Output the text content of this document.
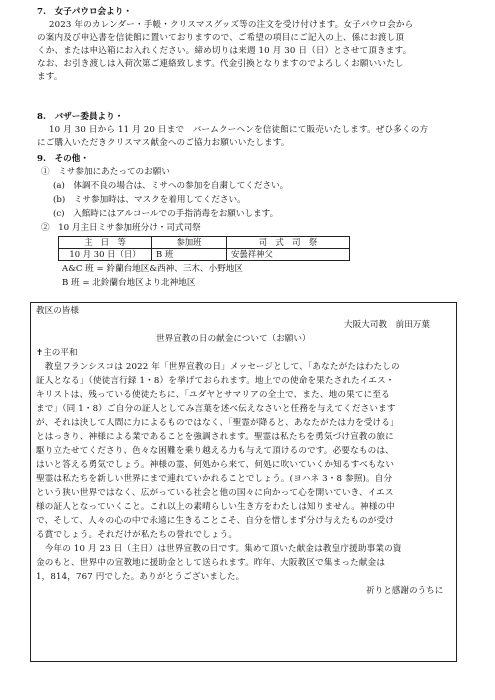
7.　女子パウロ会より・
2023 年のカレンダー・手帳・クリスマスグッズ等の注文を受け付けます。女子パウロ会から
の案内及び申込書を信徒館に置いておりますので、ご希望の項目にご記入の上、係にお渡し頂
くか、または申込箱にお入れください。締め切りは来週 10 月 30 日（日）とさせて頂きます。
なお、お引き渡しは入荷次第ご連絡致します。代金引換となりますのでよろしくお願いいたし
ます。
8.　バザー委員より・
10 月 30 日から 11 月 20 日まで　バームクーヘンを信徒館にて販売いたします。ぜひ多くの方
にご購入いただきクリスマス献金へのご協力お願いいたします。
9.　その他・
①　ミサ参加にあたってのお願い
(a)　体調不良の場合は、ミサへの参加を自粛してください。
(b)　ミサ参加時は、マスクを着用してください。
(c)　入館時にはアルコールでの手指消毒をお願いします。
②　10 月主日ミサ参加班分け・司式司祭
主　日　等	参加班	司　式　司　祭
10 月 30 日（日）	B 班	安曇祥神父
A&C 班 = 鈴蘭台地区&西神、三木、小野地区
B 班 = 北鈴蘭台地区より北神地区
教区の皆様
大阪大司教　前田万葉
世界宣教の日の献金について（お願い）
✝主の平和
　教皇フランシスコは 2022 年「世界宣教の日」メッセージとして、「あなたがたはわたしの
証人となる」（使徒言行録 1・8）を挙げておられます。地上での使命を果たされたイエス・
キリストは、残っている使徒たちに、「ユダヤとサマリアの全土で、また、地の果てに至る
まで」（同 1・8）ご自分の証人としてみ言葉を述べ伝えなさいと任務を与えてくださいます
が、それは決して人間に力によるものではなく、「聖霊が降ると、あなたがたは力を受ける」
とはっきり、神様による業であることを強調されます。聖霊は私たちを勇気づけ宣教の旅に
駆り立たせてくださり、色々な困難を乗り越える力も与えて頂けるのです。必要なものは、
はいと答える勇気でしょう。神様の霊、何処から来て、何処に吹いていくか知るすべもない
聖霊は私たちを新しい世界にまで連れていかれることでしょう。(ヨハネ 3・8 参照)。自分
という狭い世界ではなく、広がっている社会と他の国々に向かって心を開いていき、イエス
様の証人となっていくこと。これ以上の素晴らしい生き方をわたしは知りません。神様の中
で、そして、人々の心の中で永遠に生きることこそ、自分を惜しまず分け与えたものが受け
る賞でしょう。それだけが私たちの誉れでしょう。
　今年の 10 月 23 日（主日）は世界宣教の日です。集めて頂いた献金は教皇庁援助事業の資
金のもと、世界中の宣教地に援助金として送られます。昨年、大阪教区で集まった献金は
1，814，767 円でした。ありがとうございました。
祈りと感謝のうちに
